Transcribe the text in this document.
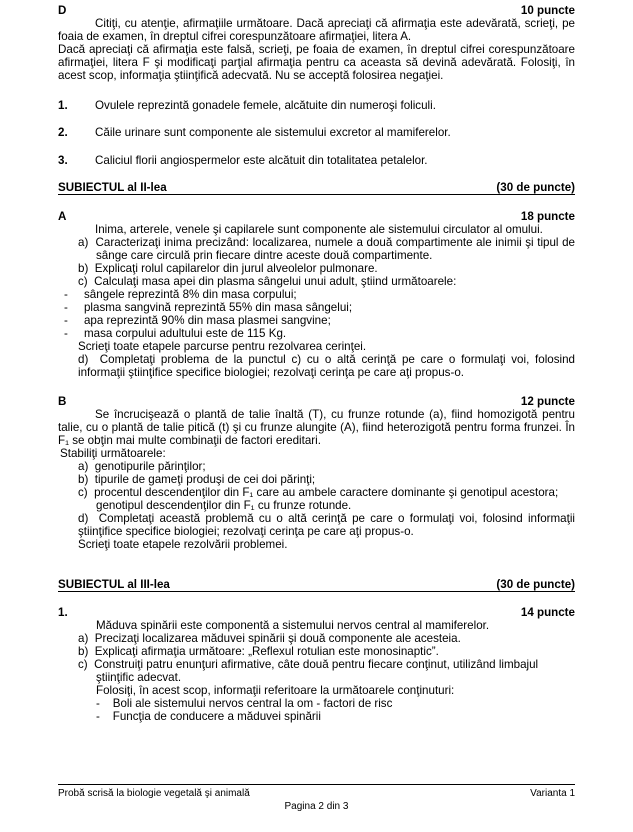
D	10 puncte
Citiţi, cu atenţie, afirmaţiile următoare. Dacă apreciaţi că afirmaţia este adevărată, scrieţi, pe
foaia de examen, în dreptul cifrei corespunzătoare afirmaţiei, litera A.
Dacă apreciaţi că afirmaţia este falsă, scrieţi, pe foaia de examen, în dreptul cifrei corespunzătoare
afirmaţiei, litera F şi modificaţi parţial afirmaţia pentru ca aceasta să devină adevărată. Folosiţi, în
acest scop, informaţia ştiinţifică adecvată. Nu se acceptă folosirea negaţiei.
1. Ovulele reprezintă gonadele femele, alcătuite din numeroşi foliculi.
2. Căile urinare sunt componente ale sistemului excretor al mamiferelor.
3. Caliciul florii angiospermelor este alcătuit din totalitatea petalelor.
SUBIECTUL al II-lea	(30 de puncte)
A	18 puncte
Inima, arterele, venele şi capilarele sunt componente ale sistemului circulator al omului.
a)  Caracterizaţi inima precizând: localizarea, numele a două compartimente ale inimii şi tipul de
sânge care circulă prin fiecare dintre aceste două compartimente.
b)  Explicaţi rolul capilarelor din jurul alveolelor pulmonare.
c)  Calculaţi masa apei din plasma sângelui unui adult, ştiind următoarele:
-     sângele reprezintă 8% din masa corpului;
-     plasma sangvină reprezintă 55% din masa sângelui;
-     apa reprezintă 90% din masa plasmei sangvine;
-     masa corpului adultului este de 115 Kg.
Scrieţi toate etapele parcurse pentru rezolvarea cerinţei.
d)  Completaţi problema de la punctul c) cu o altă cerinţă pe care o formulaţi voi, folosind
informaţii ştiinţifice specifice biologiei; rezolvaţi cerinţa pe care aţi propus-o.
B	12 puncte
Se încrucişează o plantă de talie înaltă (T), cu frunze rotunde (a), fiind homozigotă pentru
talie, cu o plantă de talie pitică (t) şi cu frunze alungite (A), fiind heterozigotă pentru forma frunzei. În
F₁ se obţin mai multe combinaţii de factori ereditari.
Stabiliţi următoarele:
a)  genotipurile părinţilor;
b)  tipurile de gameţi produşi de cei doi părinţi;
c)  procentul descendenţilor din F₁ care au ambele caractere dominante şi genotipul acestora;
genotipul descendenţilor din F₁ cu frunze rotunde.
d)  Completaţi această problemă cu o altă cerinţă pe care o formulaţi voi, folosind informaţii
ştiinţifice specifice biologiei; rezolvaţi cerinţa pe care aţi propus-o.
Scrieţi toate etapele rezolvării problemei.
SUBIECTUL al III-lea	(30 de puncte)
1.	14 puncte
Măduva spinării este componentă a sistemului nervos central al mamiferelor.
a)  Precizaţi localizarea măduvei spinării şi două componente ale acesteia.
b)  Explicaţi afirmaţia următoare: „Reflexul rotulian este monosinaptic”.
c)  Construiţi patru enunţuri afirmative, câte două pentru fiecare conţinut, utilizând limbajul
ştiinţific adecvat.
Folosiţi, în acest scop, informaţii referitoare la următoarele conţinuturi:
-    Boli ale sistemului nervos central la om - factori de risc
-    Funcţia de conducere a măduvei spinării
Probă scrisă la biologie vegetală şi animală	Varianta 1
Pagina 2 din 3
